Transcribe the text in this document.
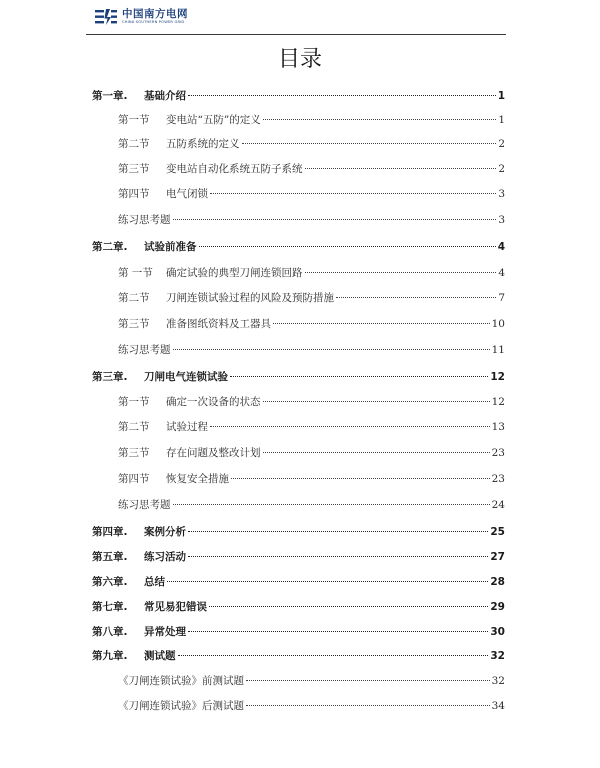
中国南方电网
CHINA SOUTHERN POWER GRID
目录
第一章.	基础介绍	1
第一节	变电站“五防”的定义	1
第二节	五防系统的定义	2
第三节	变电站自动化系统五防子系统	2
第四节	电气闭锁	3
练习思考题	3
第二章.	试验前准备	4
第 一节	确定试验的典型刀闸连锁回路	4
第二节	刀闸连锁试验过程的风险及预防措施	7
第三节	准备图纸资料及工器具	10
练习思考题	11
第三章.	刀闸电气连锁试验	12
第一节	确定一次设备的状态	12
第二节	试验过程	13
第三节	存在问题及整改计划	23
第四节	恢复安全措施	23
练习思考题	24
第四章.	案例分析	25
第五章.	练习活动	27
第六章.	总结	28
第七章.	常见易犯错误	29
第八章.	异常处理	30
第九章.	测试题	32
《刀闸连锁试验》前测试题	32
《刀闸连锁试验》后测试题	34
